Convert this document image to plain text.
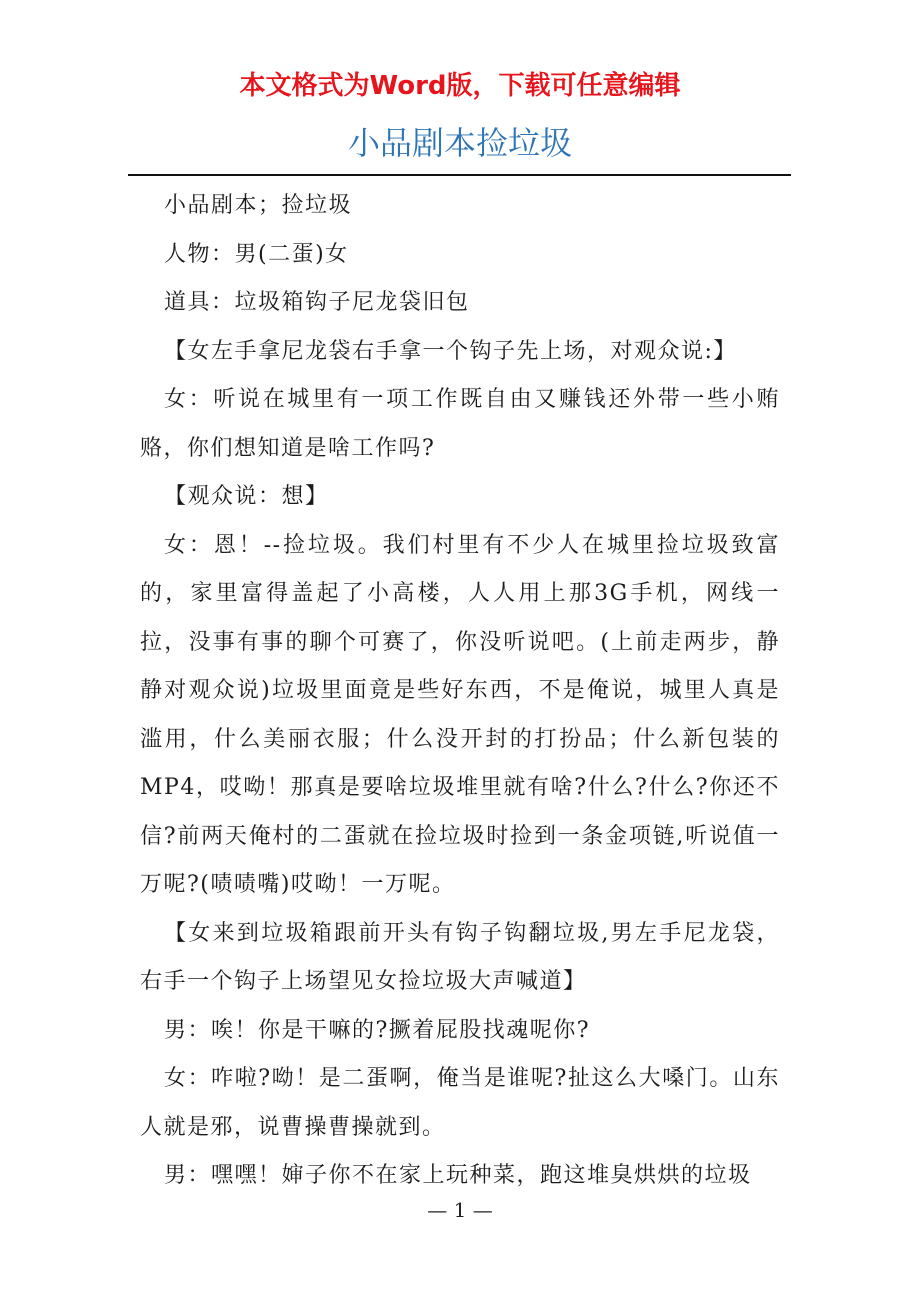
本文格式为Word版，下载可任意编辑
小品剧本捡垃圾

小品剧本；捡垃圾

人物：男(二蛋)女

道具：垃圾箱钩子尼龙袋旧包

【女左手拿尼龙袋右手拿一个钩子先上场，对观众说:】

女：听说在城里有一项工作既自由又赚钱还外带一些小贿赂，你们想知道是啥工作吗?

【观众说：想】

女：恩！--捡垃圾。我们村里有不少人在城里捡垃圾致富的，家里富得盖起了小高楼，人人用上那3G手机，网线一拉，没事有事的聊个可赛了，你没听说吧。(上前走两步，静静对观众说)垃圾里面竟是些好东西，不是俺说，城里人真是滥用，什么美丽衣服；什么没开封的打扮品；什么新包装的MP4，哎呦！那真是要啥垃圾堆里就有啥?什么?什么?你还不信?前两天俺村的二蛋就在捡垃圾时捡到一条金项链,听说值一万呢?(啧啧嘴)哎呦！一万呢。

【女来到垃圾箱跟前开头有钩子钩翻垃圾,男左手尼龙袋，右手一个钩子上场望见女捡垃圾大声喊道】

男：唉！你是干嘛的?撅着屁股找魂呢你?

女：咋啦?呦！是二蛋啊，俺当是谁呢?扯这么大嗓门。山东人就是邪，说曹操曹操就到。

男：嘿嘿！婶子你不在家上玩种菜，跑这堆臭烘烘的垃圾

— 1 —
